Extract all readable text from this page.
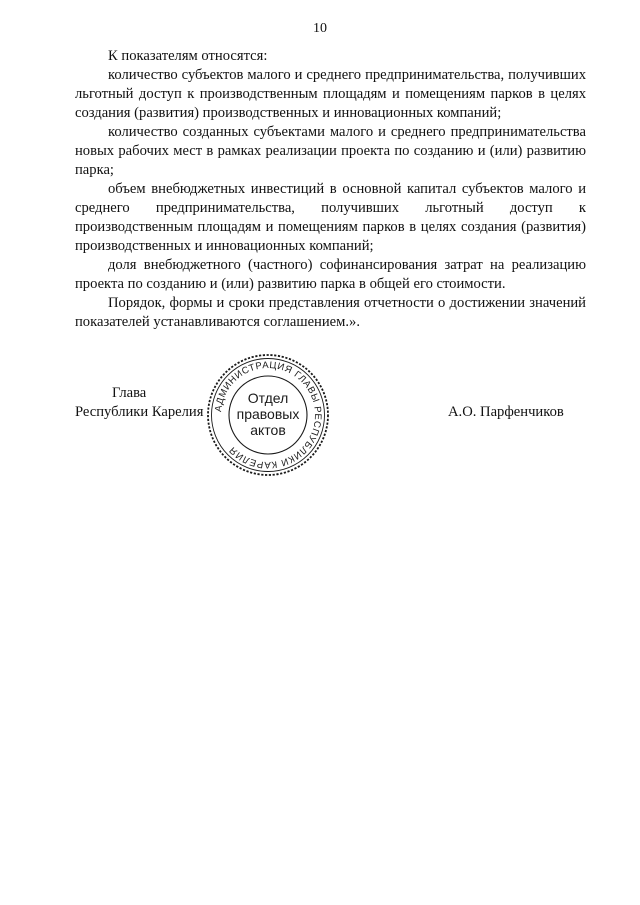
10

К показателям относятся:

количество субъектов малого и среднего предпринимательства, получивших льготный доступ к производственным площадям и помещениям парков в целях создания (развития) производственных и инновационных компаний;

количество созданных субъектами малого и среднего предпринимательства новых рабочих мест в рамках реализации проекта по созданию и (или) развитию парка;

объем внебюджетных инвестиций в основной капитал субъектов малого и среднего предпринимательства, получивших льготный доступ к производственным площадям и помещениям парков в целях создания (развития) производственных и инновационных компаний;

доля внебюджетного (частного) софинансирования затрат на реализацию проекта по созданию и (или) развитию парка в общей его стоимости.

Порядок, формы и сроки представления отчетности о достижении значений показателей устанавливаются соглашением.».

Глава
Республики Карелия	А.О. Парфенчиков
АДМИНИСТРАЦИЯ ГЛАВЫ РЕСПУБЛИКИ КАРЕЛИЯ
Отдел
правовых
актов
